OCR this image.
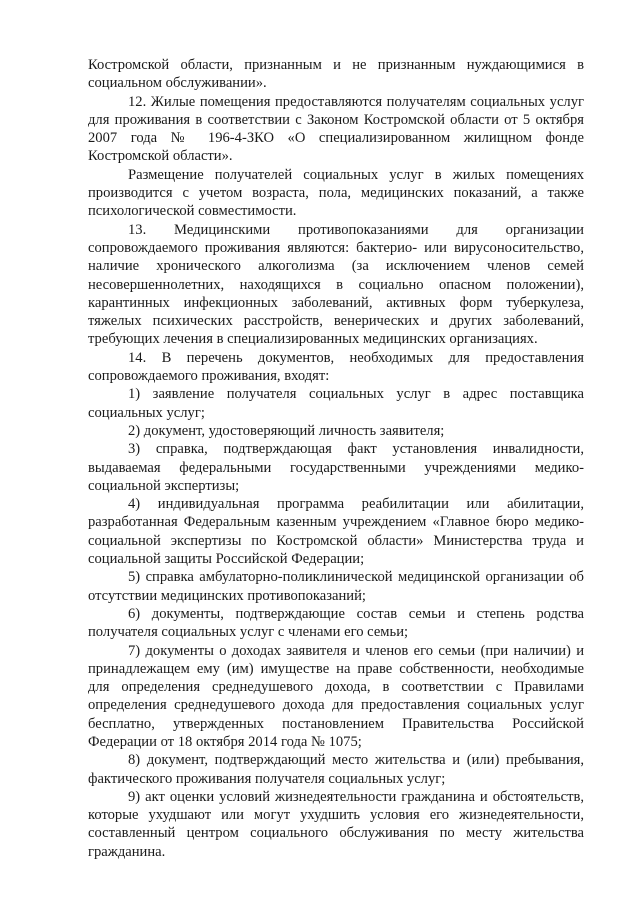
Костромской области, признанным и не признанным нуждающимися в социальном обслуживании».

12. Жилые помещения предоставляются получателям социальных услуг для проживания в соответствии с Законом Костромской области от 5 октября 2007 года № 196-4-ЗКО «О специализированном жилищном фонде Костромской области».

Размещение получателей социальных услуг в жилых помещениях производится с учетом возраста, пола, медицинских показаний, а также психологической совместимости.

13. Медицинскими противопоказаниями для организации сопровождаемого проживания являются: бактерио- или вирусоносительство, наличие хронического алкоголизма (за исключением членов семей несовершеннолетних, находящихся в социально опасном положении), карантинных инфекционных заболеваний, активных форм туберкулеза, тяжелых психических расстройств, венерических и других заболеваний, требующих лечения в специализированных медицинских организациях.

14. В перечень документов, необходимых для предоставления сопровождаемого проживания, входят:

1) заявление получателя социальных услуг в адрес поставщика социальных услуг;

2) документ, удостоверяющий личность заявителя;

3) справка, подтверждающая факт установления инвалидности, выдаваемая федеральными государственными учреждениями медико-социальной экспертизы;

4) индивидуальная программа реабилитации или абилитации, разработанная Федеральным казенным учреждением «Главное бюро медико-социальной экспертизы по Костромской области» Министерства труда и социальной защиты Российской Федерации;

5) справка амбулаторно-поликлинической медицинской организации об отсутствии медицинских противопоказаний;

6) документы, подтверждающие состав семьи и степень родства получателя социальных услуг с членами его семьи;

7) документы о доходах заявителя и членов его семьи (при наличии) и принадлежащем ему (им) имуществе на праве собственности, необходимые для определения среднедушевого дохода, в соответствии с Правилами определения среднедушевого дохода для предоставления социальных услуг бесплатно, утвержденных постановлением Правительства Российской Федерации от 18 октября 2014 года № 1075;

8) документ, подтверждающий место жительства и (или) пребывания, фактического проживания получателя социальных услуг;

9) акт оценки условий жизнедеятельности гражданина и обстоятельств, которые ухудшают или могут ухудшить условия его жизнедеятельности, составленный центром социального обслуживания по месту жительства гражданина.
